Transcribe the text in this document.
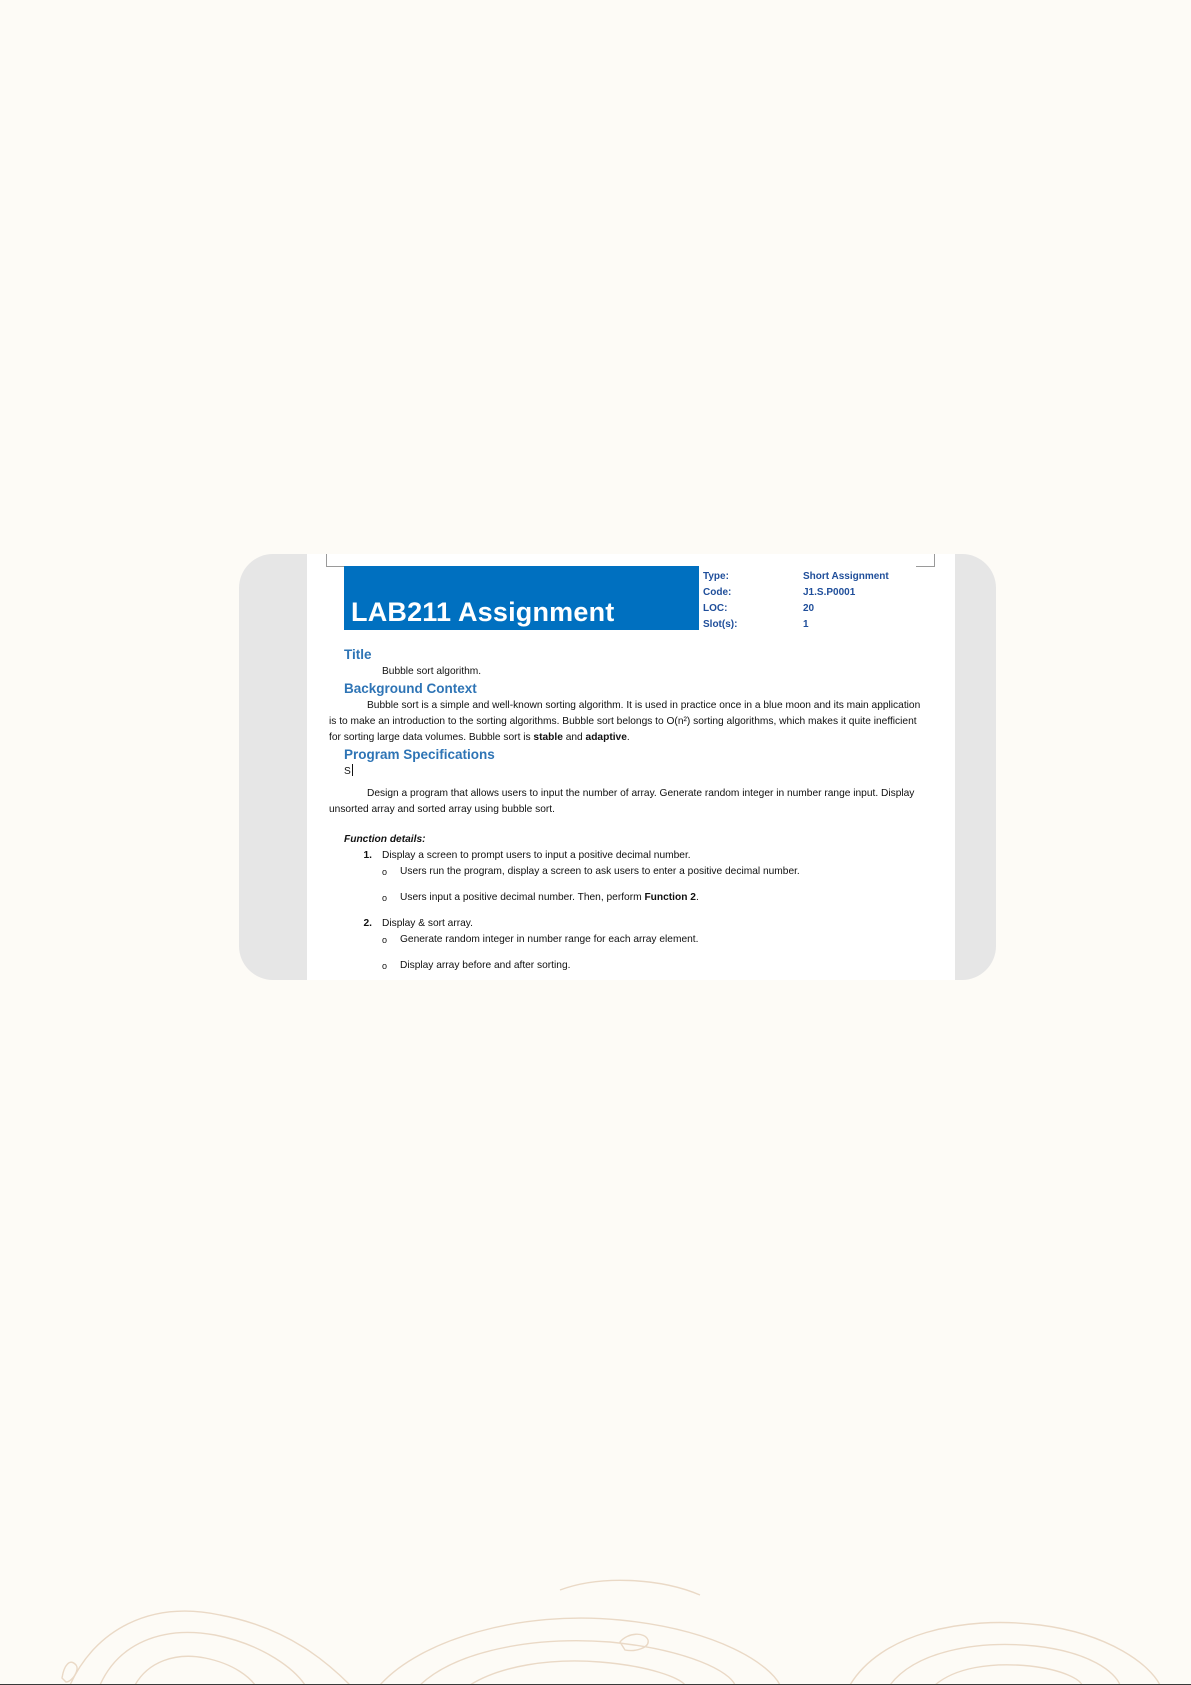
LAB211 Assignment
Type:	Short Assignment
Code:	J1.S.P0001
LOC:	20
Slot(s):	1

Title

Bubble sort algorithm.

Background Context

Bubble sort is a simple and well-known sorting algorithm. It is used in practice once in a blue moon and its main application is to make an introduction to the sorting algorithms. Bubble sort belongs to O(n²) sorting algorithms, which makes it quite inefficient for sorting large data volumes. Bubble sort is stable and adaptive.

Program Specifications

S

Design a program that allows users to input the number of array. Generate random integer in number range input. Display unsorted array and sorted array using bubble sort.

Function details:

1. Display a screen to prompt users to input a positive decimal number.
o	Users run the program, display a screen to ask users to enter a positive decimal number.
o	Users input a positive decimal number. Then, perform Function 2.
2. Display & sort array.
o	Generate random integer in number range for each array element.
o	Display array before and after sorting.
